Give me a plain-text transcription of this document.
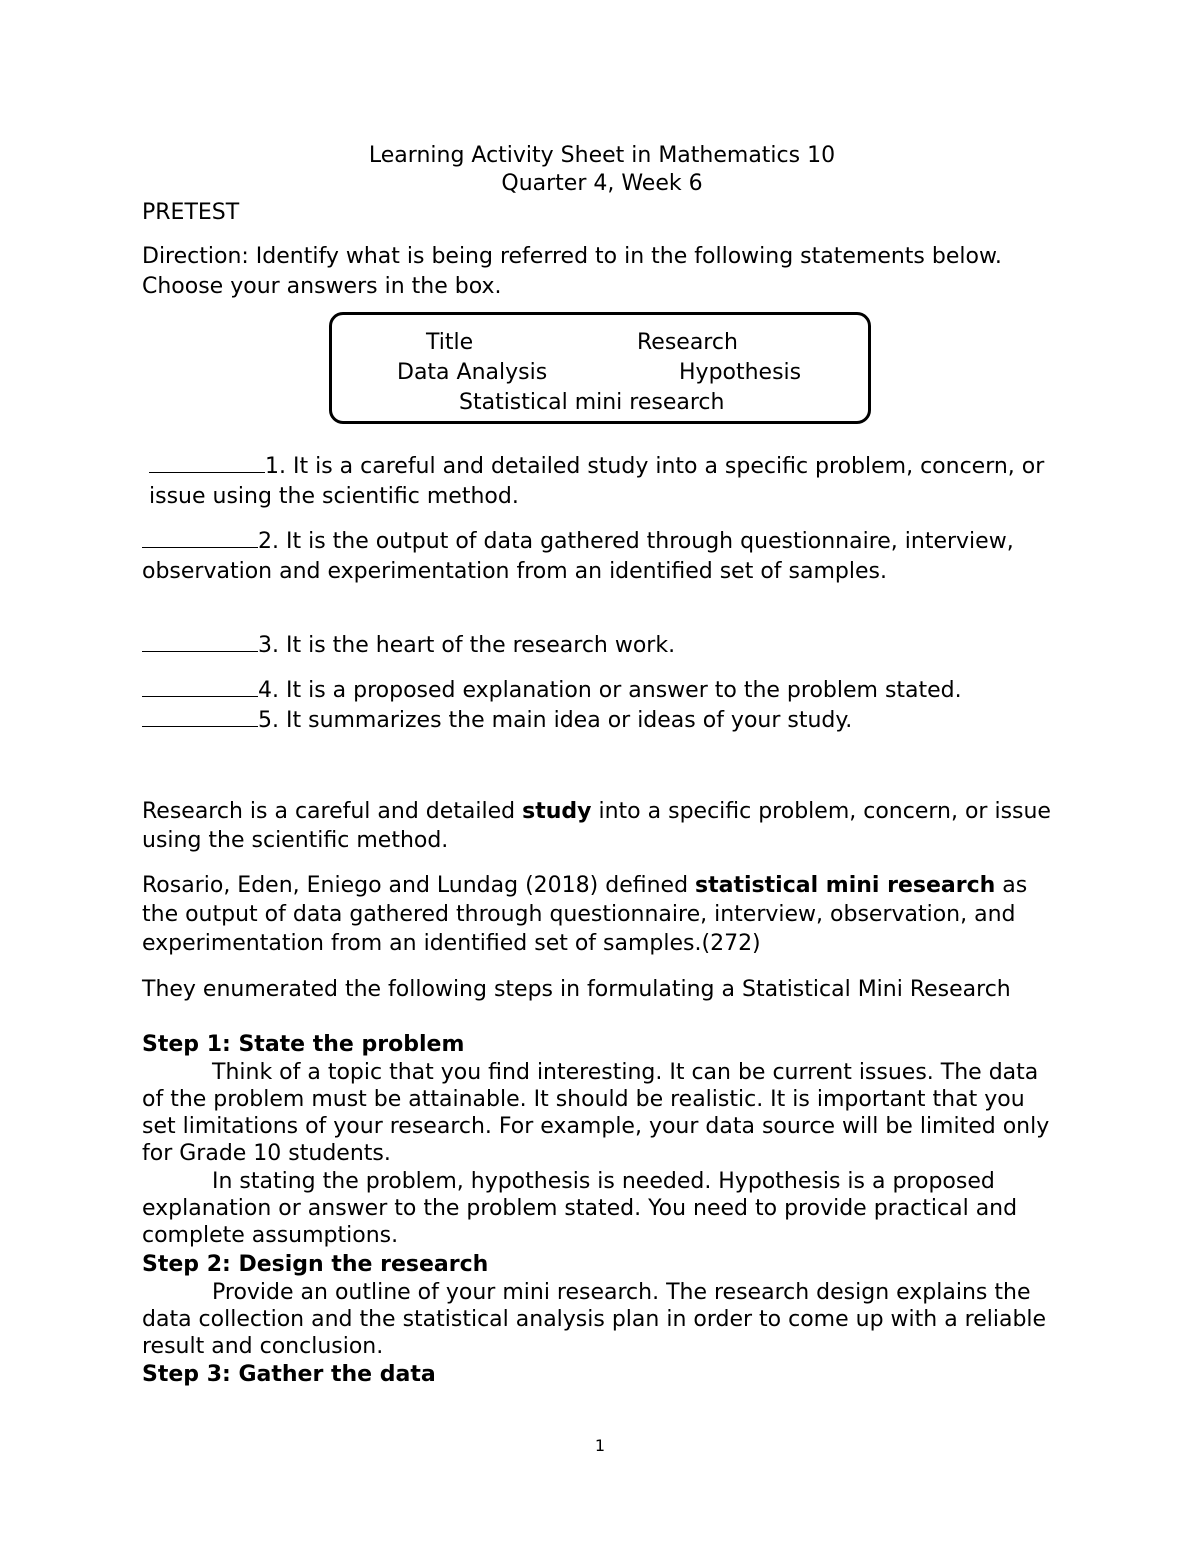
Learning Activity Sheet in Mathematics 10

Quarter 4, Week 6

PRETEST

Direction: Identify what is being referred to in the following statements below. Choose your answers in the box.

Title	Research
Data Analysis	Hypothesis
Statistical mini research

1. It is a careful and detailed study into a specific problem, concern, or issue using the scientific method.

2. It is the output of data gathered through questionnaire, interview, observation and experimentation from an identified set of samples.

3. It is the heart of the research work.

4. It is a proposed explanation or answer to the problem stated.

5. It summarizes the main idea or ideas of your study.

Research is a careful and detailed study into a specific problem, concern, or issue using the scientific method.

Rosario, Eden, Eniego and Lundag (2018) defined statistical mini research as the output of data gathered through questionnaire, interview, observation, and experimentation from an identified set of samples.(272)

They enumerated the following steps in formulating a Statistical Mini Research

Step 1: State the problem

Think of a topic that you find interesting. It can be current issues. The data of the problem must be attainable. It should be realistic. It is important that you set limitations of your research. For example, your data source will be limited only for Grade 10 students.

In stating the problem, hypothesis is needed. Hypothesis is a proposed explanation or answer to the problem stated. You need to provide practical and complete assumptions.

Step 2: Design the research

Provide an outline of your mini research. The research design explains the data collection and the statistical analysis plan in order to come up with a reliable result and conclusion.

Step 3: Gather the data

1
